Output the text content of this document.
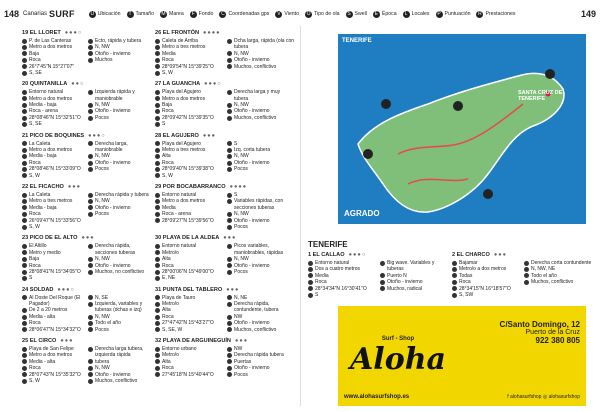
148 Canarias SURF	U Ubicación	T Tamaño M Marea	F Fondo	C Coordenadas gps	V Viento	O Tipo de ola	S Swell	E Época	L Locales	P Puntuación	R Prestaciones	149
19 EL LLORET ●●●○
P. de Las Canteras
Metro a dos metros
Baja
Roca
26°7'45"N 15°27'07"
S, SE
Ecto, rápida y tubera
N, NW
Otoño - invierno
Muchos
20 QUINTANILLA ●●○
Entorno natural
Metro a dos metros
Media - baja
Roca - arena
28°08'46"N 15°32'51"O
S, SE
Izquierda rápida y maniobrable
N, NW
Otoño - invierno
Pocos
21 PICO DE BOQUINES ●●●○
La Caleta
Metro a dos metros
Media - baja
Roca
28°08'46"N 15°33'09"O
S, W
Derecha larga, maniobrable
N, NW
Otoño - invierno
Pocos
22 EL FICACHO ●●●
La Caleta
Metro a tres metros
Media - baja
Roca
26°09'47"N 15°33'56"O
S, W
Derecha rápida y tubera
N, NW
Otoño - invierno
Pocos
23 PICO DE EL ALTO ●●●
El Altillo
Metro y medio
Baja
Roca
28°08'41"N 15°34'05"O
S
Derecha rápida, secciones tuberas
N, NW
Otoño - invierno
Muchos, no conflictivo
24 SOLDAD ●●●○
Al Doste Del Roque (El Pagador)
De 2 a 20 metros
Media - alta
Roca
28°06'47"N 15°34'32"O
N, SE
Izquierda, variables y tuberas (dchas e izq)
N, NW
Todo el año
Pocos
25 EL CIRCO ●●●
Playa de San Felipe
Metro a dos metros
Media - alta
Roca
28°07'43"N 15°35'32"O
S, W
Derecha larga tubera, izquierda rápida
tubera
N, NW
Otoño - invierno
Muchos, conflictivo
26 EL FRONTÓN ●●●●
Caleta de Arriba
Metro a tres metros
Media
Roca
28°09'54"N 15°39'25"O
S, W
Dcha larga, rápida (ola con tubera
N, NW
Otoño - invierno
Muchos, conflictivo
27 LA GUANCHA ●●●○
Playa del Agujero
Metro a dos metros
Baja
Roca
28°09'42"N 15°39'35"O
S
Derecha larga y muy tubera
N, NW
Otoño - invierno
Muchos, conflictivo
28 EL AGUJERO ●●●
Playa del Agujero
Metro a tres metros
Alta
Roca
28°09'40"N 15°39'38"O
S, W
S
Izq. corta tubera
N, NW
Otoño - invierno
Pocos
29 POR BOCABARRANCO ●●●●
Entorno natural
Metro a dos metros
Media
Roca - arena
28°09'27"N 15°39'56"O
S
Variables rápidas, con secciones tuberas
N, NW
Otoño - invierno
Pocos
30 PLAYA DE LA ALDEA ●●●
Entorno natural
Metro/o
Alta
Roca
28°00'06"N 15°49'00"O
E, NE
Picos variables, maniobrables, rápidas
N, NW
Otoño - invierno
Pocos
31 PUNTA DEL TABLERO ●●●
Playa de Tauro
Metro/o
Alta
Roca
27°47'42"N 15°43'27"O
S, SE, W
N, NE
Derecha rápida, contundente, tubera
NW
Otoño - invierno
Muchos, conflictivo
32 PLAYA DE ARGUINEGUÍN ●●●
Entorno urbano
Metro/o
Alta
Roca
27°45'18"N 15°40'44"O
NW
Derecha rápida tubera
Puertas
Otoño - invierno
Pocos
TENERIFE
SANTA CRUZ DE TENERIFE
AGRADO
TENERIFE
1 EL CALLAO ●●●○
Entorno natural
Dos a cuatro metros
Media
Roca
28°34'34"N 16°30'41"O
S
Big wave. Variables y tuberas
Puerto N
Otoño - invierno
Muchos, radical
2 EL CHARCO ●●●
Bajamar
Metro/o a dos metros
Todas
Roca
28°34'15"N 16°18'57"O
S, SW
Derecha corta contundente
N, NW, NE
Todo el año
Muchos, conflictivo
Surf - Shop
Aloha
C/Santo Domingo, 12
Puerto de la Cruz
922 380 805
www.alohasurfshop.es	f alohasurfshop ◎ alohasurfshop
